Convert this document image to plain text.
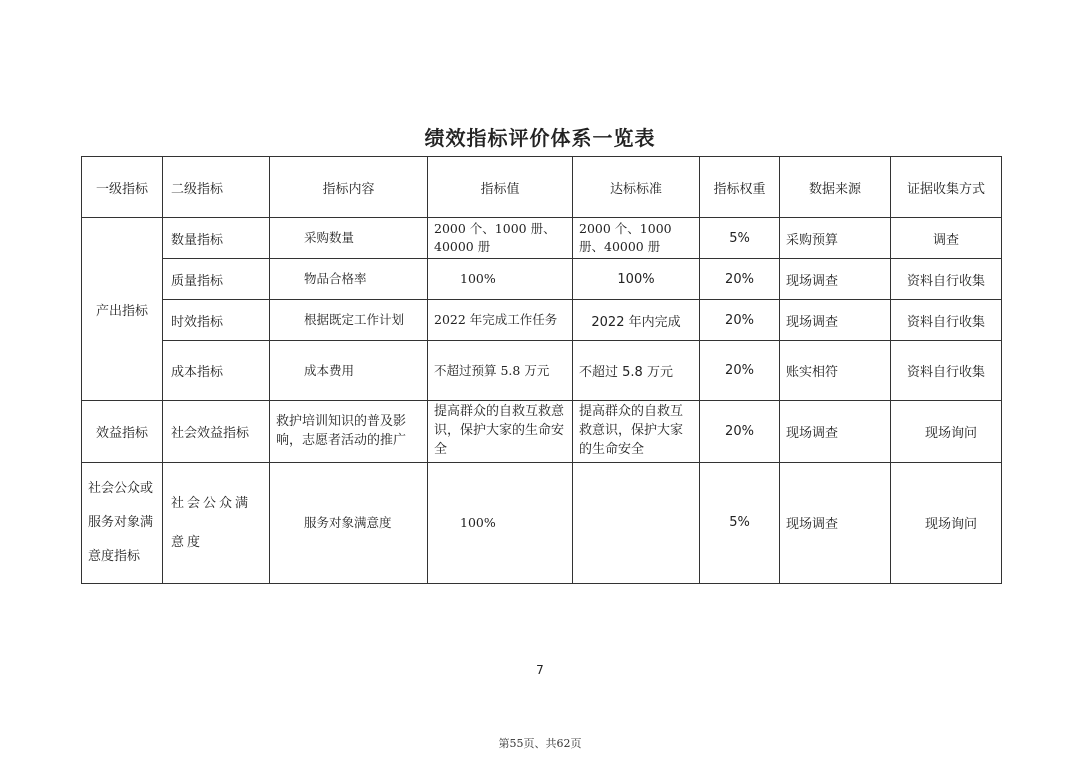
绩效指标评价体系一览表
一级指标	二级指标	指标内容	指标值	达标标准	指标权重	数据来源	证据收集方式
产出指标	数量指标	采购数量	2000 个、1000 册、40000 册	2000 个、1000 册、40000 册	5%	采购预算	调查
	质量指标	物品合格率	100%	100%	20%	现场调查	资料自行收集
	时效指标	根据既定工作计划	2022 年完成工作任务	2022 年内完成	20%	现场调查	资料自行收集
	成本指标	成本费用	不超过预算 5.8 万元	不超过 5.8 万元	20%	账实相符	资料自行收集
效益指标	社会效益指标	救护培训知识的普及影响，志愿者活动的推广	提高群众的自救互救意识，保护大家的生命安全	提高群众的自救互救意识，保护大家的生命安全	20%	现场调查	现场询问

社会公众或
服务对象满
意度指标	社会公众满意度	服务对象满意度	100%		5%	现场调查	现场询问
7
第55页、共62页
